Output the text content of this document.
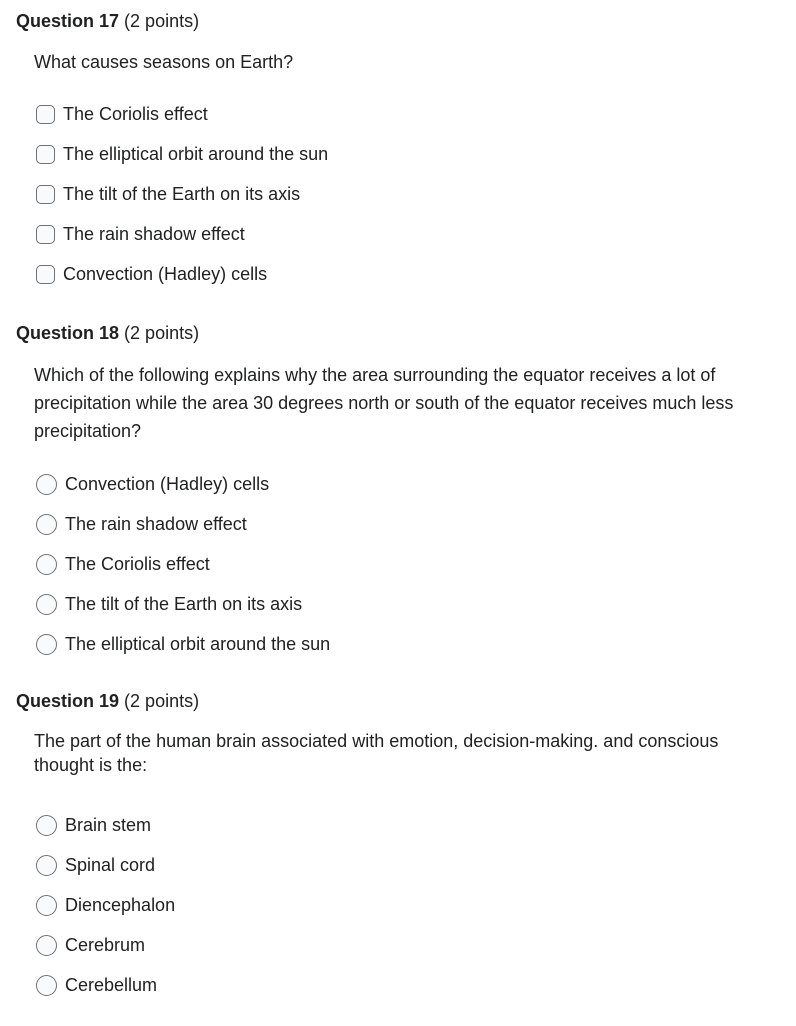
Question 17 (2 points)
What causes seasons on Earth?
The Coriolis effect
The elliptical orbit around the sun
The tilt of the Earth on its axis
The rain shadow effect
Convection (Hadley) cells
Question 18 (2 points)
Which of the following explains why the area surrounding the equator receives a lot of precipitation while the area 30 degrees north or south of the equator receives much less precipitation?
Convection (Hadley) cells
The rain shadow effect
The Coriolis effect
The tilt of the Earth on its axis
The elliptical orbit around the sun
Question 19 (2 points)
The part of the human brain associated with emotion, decision-making. and conscious thought is the:
Brain stem
Spinal cord
Diencephalon
Cerebrum
Cerebellum
